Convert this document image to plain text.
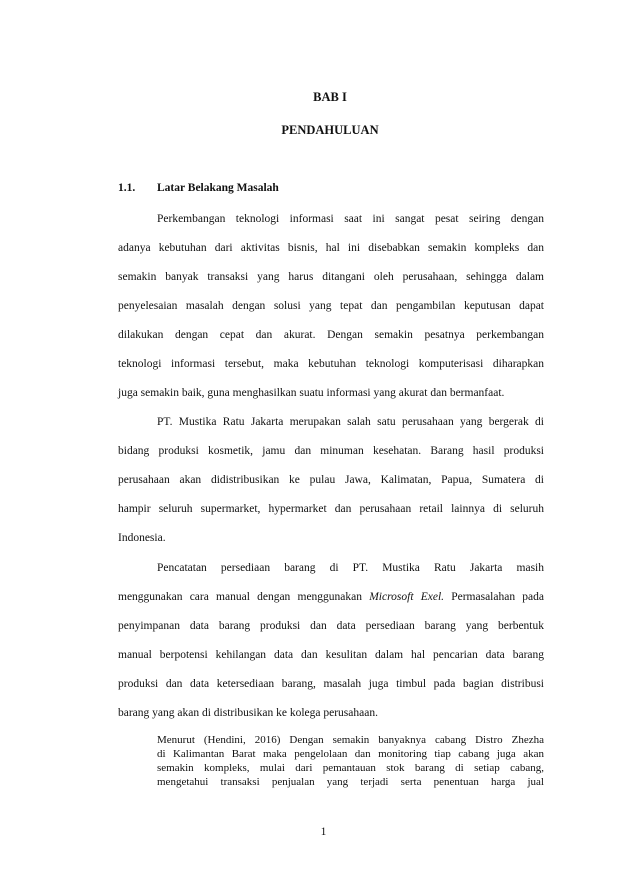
BAB I
PENDAHULUAN
1.1. Latar Belakang Masalah
Perkembangan teknologi informasi saat ini sangat pesat seiring dengan
adanya kebutuhan dari aktivitas bisnis, hal ini disebabkan semakin kompleks dan
semakin banyak transaksi yang harus ditangani oleh perusahaan, sehingga dalam
penyelesaian masalah dengan solusi yang tepat dan pengambilan keputusan dapat
dilakukan dengan cepat dan akurat. Dengan semakin pesatnya perkembangan
teknologi informasi tersebut, maka kebutuhan teknologi komputerisasi diharapkan
juga semakin baik, guna menghasilkan suatu informasi yang akurat dan bermanfaat.
PT. Mustika Ratu Jakarta merupakan salah satu perusahaan yang bergerak di
bidang produksi kosmetik, jamu dan minuman kesehatan. Barang hasil produksi
perusahaan akan didistribusikan ke pulau Jawa, Kalimatan, Papua, Sumatera di
hampir seluruh supermarket, hypermarket dan perusahaan retail lainnya di seluruh
Indonesia.
Pencatatan persediaan barang di PT. Mustika Ratu Jakarta masih
menggunakan cara manual dengan menggunakan Microsoft Exel. Permasalahan pada
penyimpanan data barang produksi dan data persediaan barang yang berbentuk
manual berpotensi kehilangan data dan kesulitan dalam hal pencarian data barang
produksi dan data ketersediaan barang, masalah juga timbul pada bagian distribusi
barang yang akan di distribusikan ke kolega perusahaan.
Menurut (Hendini, 2016) Dengan semakin banyaknya cabang Distro Zhezha
di Kalimantan Barat maka pengelolaan dan monitoring tiap cabang juga akan
semakin kompleks, mulai dari pemantauan stok barang di setiap cabang,
mengetahui transaksi penjualan yang terjadi serta penentuan harga jual
1
